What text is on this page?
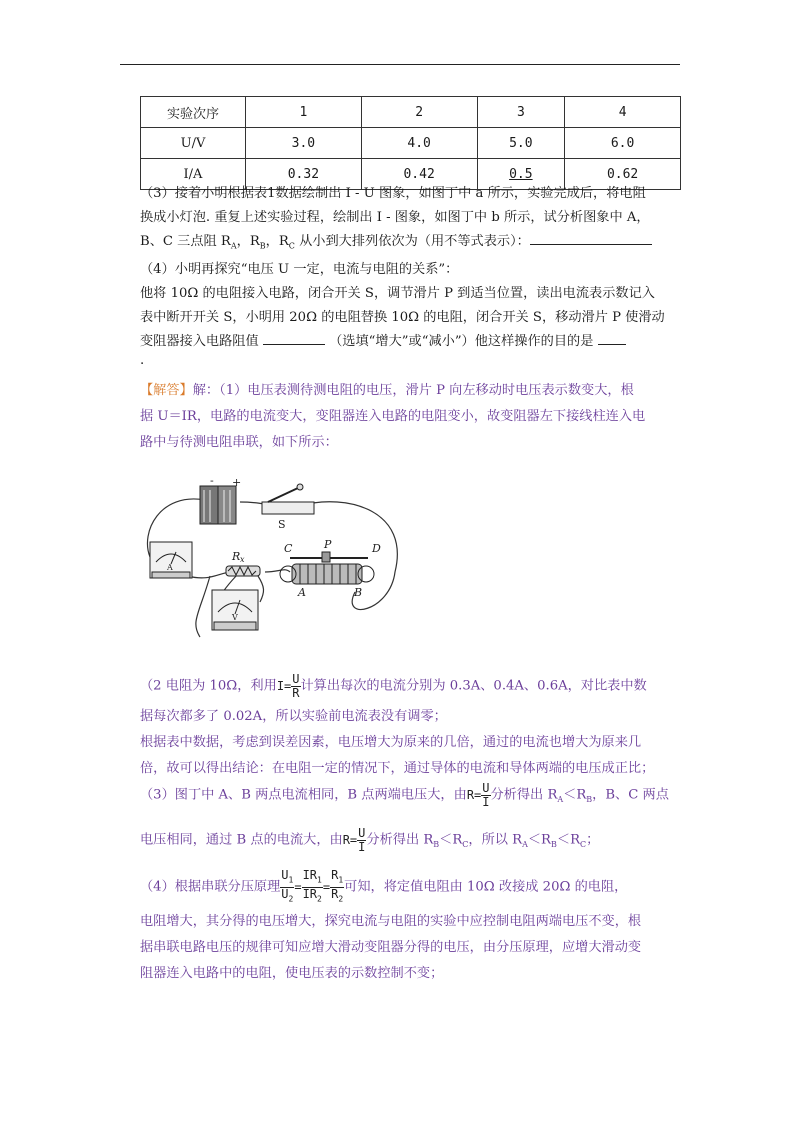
实验次序	1	2	3	4
U/V	3.0	4.0	5.0	6.0
I/A	0.32	0.42	0.5	0.62
（3）接着小明根据表1数据绘制出 I - U 图象，如图丁中 a 所示，实验完成后，将电阻
换成小灯泡. 重复上述实验过程，绘制出 I - 图象，如图丁中 b 所示，试分析图象中 A，
B、C 三点阻 $R_A$，$R_B$，$R_C$ 从小到大排列依次为（用不等式表示）：
（4）小明再探究“电压 U 一定，电流与电阻的关系”：
他将 10Ω 的电阻接入电路，闭合开关 S，调节滑片 P 到适当位置，读出电流表示数记入
表中断开开关 S，小明用 20Ω 的电阻替换 10Ω 的电阻，闭合开关 S，移动滑片 P 使滑动
变阻器接入电路阻值	（选填“增大”或“减小”）他这样操作的目的是
.
【解答】解：（1）电压表测待测电阻的电压，滑片 P 向左移动时电压表示数变大，根
据 U＝IR，电路的电流变大，变阻器连入电路的电阻变小，故变阻器左下接线柱连入电
路中与待测电阻串联，如下所示：
- +
S
A
R x
C	P	D
A	B
V
（2 电阻为 10Ω，利用$I= \frac{U}{R}$ 计算出每次的电流分别为 0.3A、0.4A、0.6A，对比表中数
据每次都多了 0.02A，所以实验前电流表没有调零；
根据表中数据，考虑到误差因素，电压增大为原来的几倍，通过的电流也增大为原来几
倍，故可以得出结论：在电阻一定的情况下，通过导体的电流和导体两端的电压成正比；
（3）图丁中 A、B 两点电流相同，B 点两端电压大，由$R= \frac{U}{I}$ 分析得出 $R_A<R_B$，B、C 两点
电压相同，通过 B 点的电流大，由$R= \frac{U}{I}$ 分析得出 $R_B<R_C$，所以 $R_A<R_B<R_C$；
（4）根据串联分压原理 $\frac{U_1}{U_2} = \frac{IR_1}{IR_2} = \frac{R_1}{R_2}$ 可知，将定值电阻由 10Ω 改接成 20Ω 的电阻，
电阻增大，其分得的电压增大，探究电流与电阻的实验中应控制电阻两端电压不变，根
据串联电路电压的规律可知应增大滑动变阻器分得的电压，由分压原理，应增大滑动变
阻器连入电路中的电阻，使电压表的示数控制不变；
